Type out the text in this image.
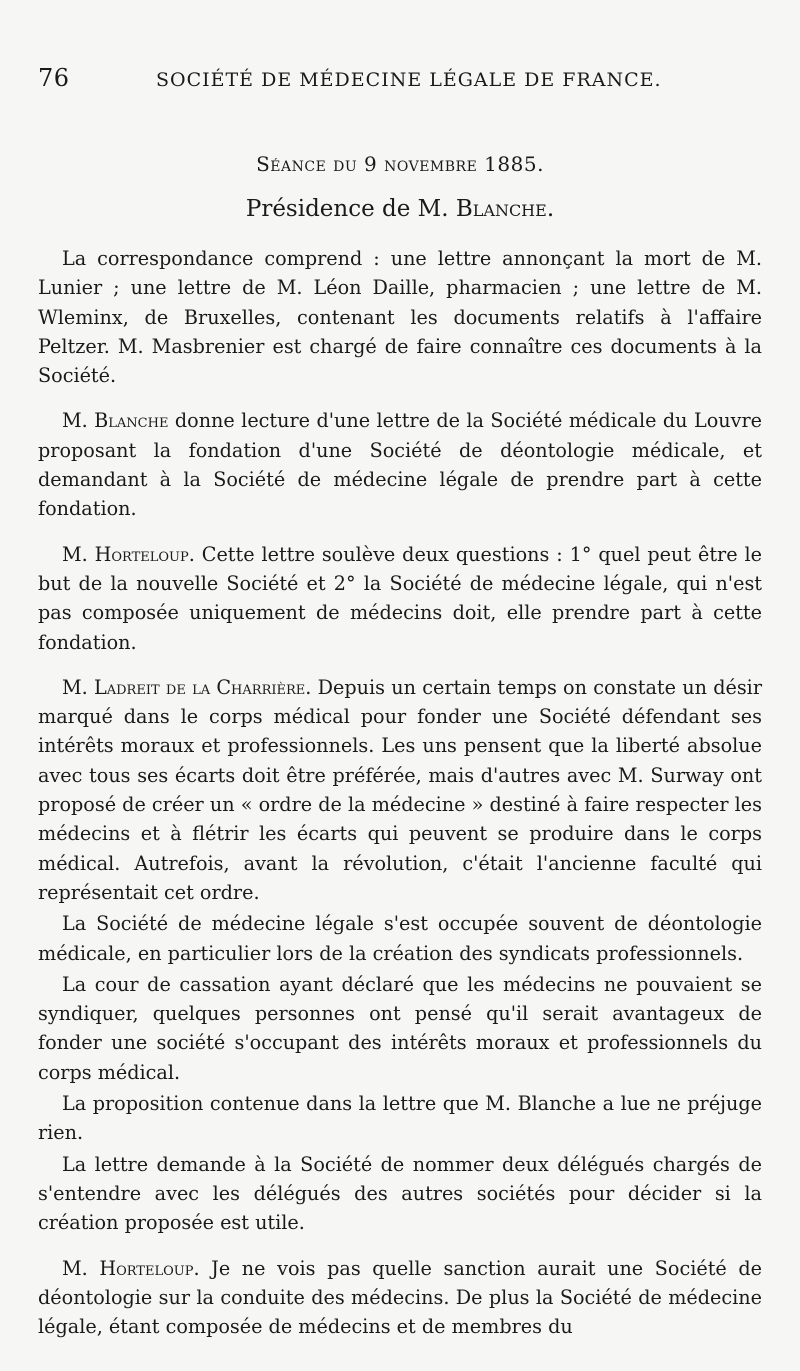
76	SOCIÉTÉ DE MÉDECINE LÉGALE DE FRANCE.
Séance du 9 novembre 1885.
Présidence de M. Blanche.

La correspondance comprend : une lettre annonçant la mort de M. Lunier ; une lettre de M. Léon Daille, pharmacien ; une lettre de M. Wleminx, de Bruxelles, contenant les documents relatifs à l'affaire Peltzer. M. Masbrenier est chargé de faire connaître ces documents à la Société.

M. Blanche donne lecture d'une lettre de la Société médicale du Louvre proposant la fondation d'une Société de déontologie médicale, et demandant à la Société de médecine légale de prendre part à cette fondation.

M. Horteloup. Cette lettre soulève deux questions : 1° quel peut être le but de la nouvelle Société et 2° la Société de médecine légale, qui n'est pas composée uniquement de médecins doit, elle prendre part à cette fondation.

M. Ladreit de la Charrière. Depuis un certain temps on constate un désir marqué dans le corps médical pour fonder une Société défendant ses intérêts moraux et professionnels. Les uns pensent que la liberté absolue avec tous ses écarts doit être préférée, mais d'autres avec M. Surway ont proposé de créer un « ordre de la médecine » destiné à faire respecter les médecins et à flétrir les écarts qui peuvent se produire dans le corps médical. Autrefois, avant la révolution, c'était l'ancienne faculté qui représentait cet ordre.

La Société de médecine légale s'est occupée souvent de déontologie médicale, en particulier lors de la création des syndicats professionnels.

La cour de cassation ayant déclaré que les médecins ne pouvaient se syndiquer, quelques personnes ont pensé qu'il serait avantageux de fonder une société s'occupant des intérêts moraux et professionnels du corps médical.

La proposition contenue dans la lettre que M. Blanche a lue ne préjuge rien.

La lettre demande à la Société de nommer deux délégués chargés de s'entendre avec les délégués des autres sociétés pour décider si la création proposée est utile.

M. Horteloup. Je ne vois pas quelle sanction aurait une Société de déontologie sur la conduite des médecins. De plus la Société de médecine légale, étant composée de médecins et de membres du
